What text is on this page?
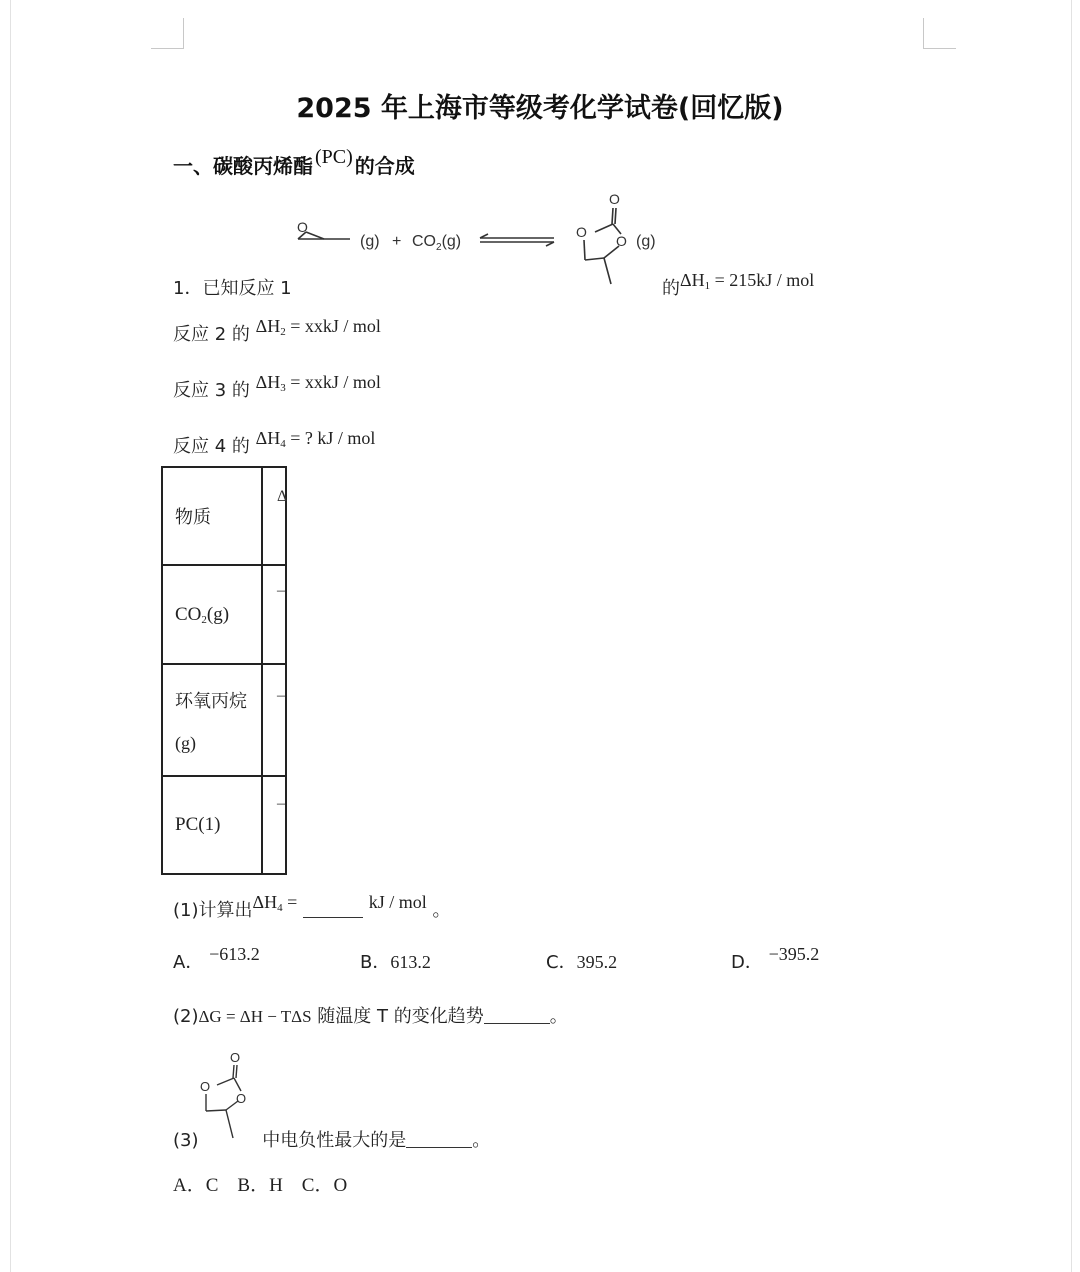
2025 年上海市等级考化学试卷(回忆版)
一、碳酸丙烯酯 (PC) 的合成
O
$(g) + CO_2(g)$
O
O
O (g)
1．已知反应 1	的$\Delta H_1 = 215kJ$ / mol
反应 2 的 $\Delta H_2$ = xxkJ / mol
反应 3 的 $\Delta H_3$ = xxkJ / mol
反应 4 的 $\Delta H_4$ = ? kJ / mol
物质	Δ

$CO_2(g)$	–

环氧丙烷
(g)	–

PC(1)	–
(1)计算出$\Delta H_4$ =	kJ / mol 。
A． −613.2	B．613.2	C．395.2	D． −395.2
(2)ΔG = ΔH − TΔS 随温度 T 的变化趋势	。
O
O
O
(3)	中电负性最大的是	。
A．C　B．H　C．O
